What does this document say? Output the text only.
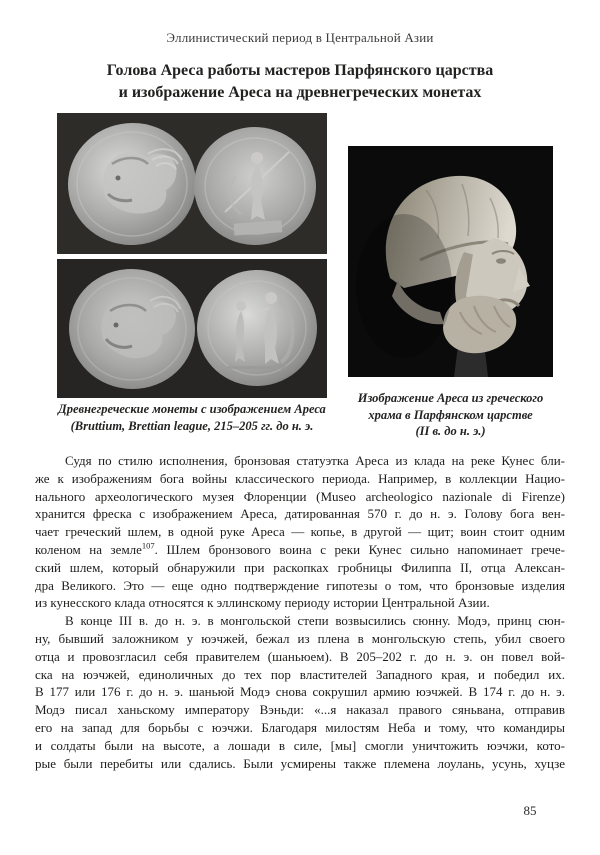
Эллинистический период в Центральной Азии
Голова Ареса работы мастеров Парфянского царства
и изображение Ареса на древнегреческих монетах
Древнегреческие монеты с изображением Ареса
(Bruttium, Brettian league, 215–205 гг. до н. э.
Изображение Ареса из греческого
храма в Парфянском царстве
(II в. до н. э.)
Судя по стилю исполнения, бронзовая статуэтка Ареса из клада на реке Кунес бли-
же к изображениям бога войны классического периода. Например, в коллекции Нацио-
нального археологического музея Флоренции (Museo archeologico nazionale di Firenze)
хранится фреска с изображением Ареса, датированная 570 г. до н. э. Голову бога вен-
чает греческий шлем, в одной руке Ареса — копье, в другой — щит; воин стоит одним
коленом на земле$^{107}$. Шлем бронзового воина с реки Кунес сильно напоминает грече-
ский шлем, который обнаружили при раскопках гробницы Филиппа II, отца Алексан-
дра Великого. Это — еще одно подтверждение гипотезы о том, что бронзовые изделия
из кунесского клада относятся к эллинскому периоду истории Центральной Азии.
В конце III в. до н. э. в монгольской степи возвысились сюнну. Модэ, принц сюн-
ну, бывший заложником у юэчжей, бежал из плена в монгольскую степь, убил своего
отца и провозгласил себя правителем (шаньюем). В 205–202 г. до н. э. он повел вой-
ска на юэчжей, единоличных до тех пор властителей Западного края, и победил их.
В 177 или 176 г. до н. э. шаньюй Модэ снова сокрушил армию юэчжей. В 174 г. до н. э.
Модэ писал ханьскому императору Вэньди: «...я наказал правого сяньвана, отправив
его на запад для борьбы с юэчжи. Благодаря милостям Неба и тому, что командиры
и солдаты были на высоте, а лошади в силе, [мы] смогли уничтожить юэчжи, кото-
рые были перебиты или сдались. Были усмирены также племена лоулань, усунь, хуцзе
85
